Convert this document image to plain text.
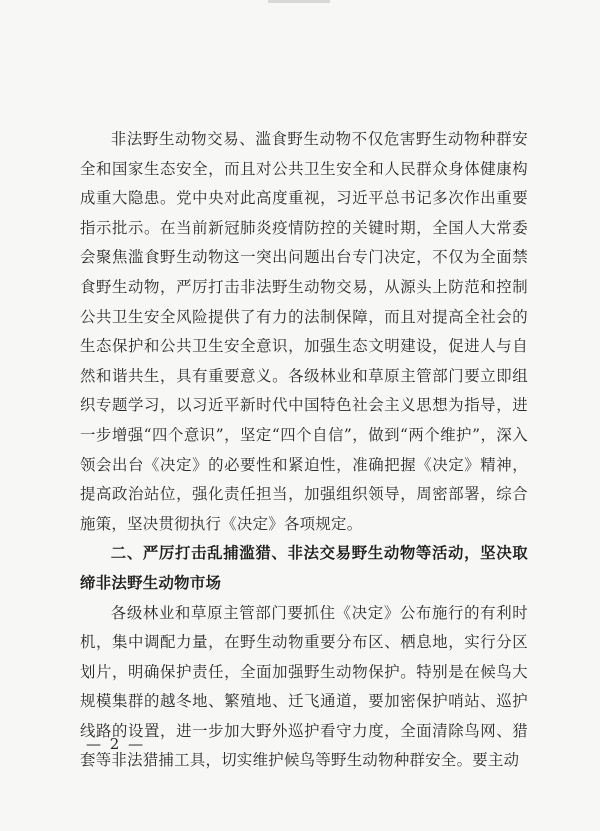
非法野生动物交易、滥食野生动物不仅危害野生动物种群安全和国家生态安全，而且对公共卫生安全和人民群众身体健康构成重大隐患。党中央对此高度重视，习近平总书记多次作出重要指示批示。在当前新冠肺炎疫情防控的关键时期，全国人大常委会聚焦滥食野生动物这一突出问题出台专门决定，不仅为全面禁食野生动物，严厉打击非法野生动物交易，从源头上防范和控制公共卫生安全风险提供了有力的法制保障，而且对提高全社会的生态保护和公共卫生安全意识，加强生态文明建设，促进人与自然和谐共生，具有重要意义。各级林业和草原主管部门要立即组织专题学习，以习近平新时代中国特色社会主义思想为指导，进一步增强“四个意识”，坚定“四个自信”，做到“两个维护”，深入领会出台《决定》的必要性和紧迫性，准确把握《决定》精神，提高政治站位，强化责任担当，加强组织领导，周密部署，综合施策，坚决贯彻执行《决定》各项规定。

二、严厉打击乱捕滥猎、非法交易野生动物等活动，坚决取缔非法野生动物市场

各级林业和草原主管部门要抓住《决定》公布施行的有利时机，集中调配力量，在野生动物重要分布区、栖息地，实行分区划片，明确保护责任，全面加强野生动物保护。特别是在候鸟大规模集群的越冬地、繁殖地、迁飞通道，要加密保护哨站、巡护线路的设置，进一步加大野外巡护看守力度，全面清除鸟网、猎套等非法猎捕工具，切实维护候鸟等野生动物种群安全。要主动

— 2 —
